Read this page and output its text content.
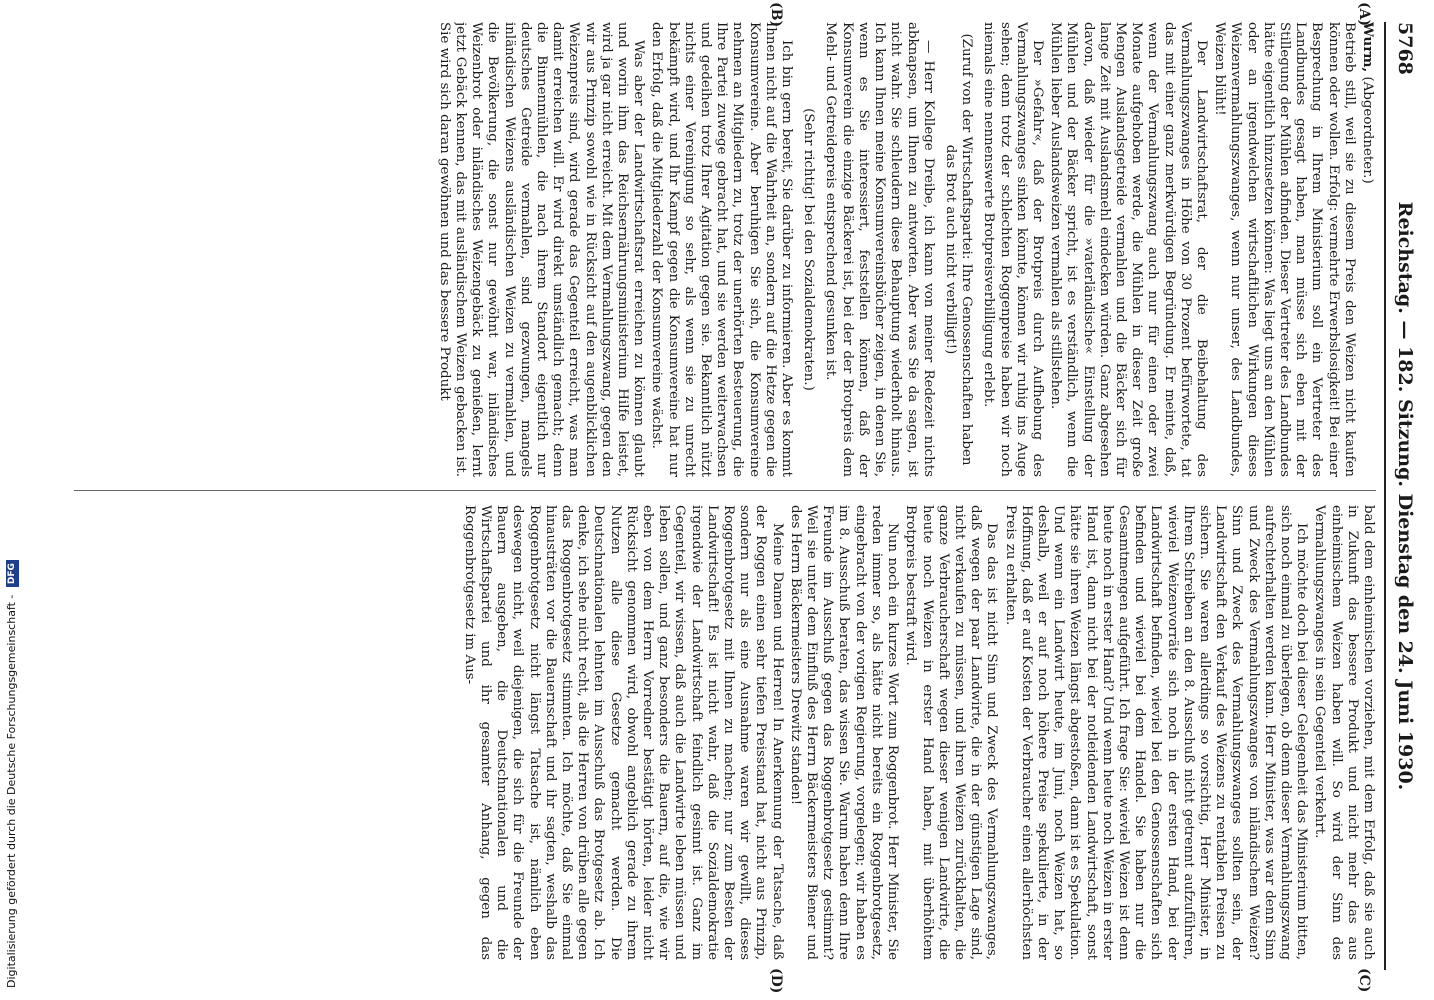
Digitalisierung gefördert durch die Deutsche Forschungsgemeinschaft - DFG
5768
Reichstag. — 182. Sitzung. Dienstag den 24. Juni 1930.
(A)
(B)
(C)
(D)

Wurm, (Abgeordneter.)

Betrieb still, weil sie zu diesem Preis den Weizen nicht kaufen können oder wollen. Erfolg: vermehrte Erwerbslosigkeit! Bei einer Besprechung in Ihrem Ministerium soll ein Vertreter des Landbundes gesagt haben, man müsse sich eben mit der Stillegung der Mühlen abfinden. Dieser Vertreter des Landbundes hätte eigentlich hinzusetzen können: Was liegt uns an den Mühlen oder an irgendwelchen wirtschaftlichen Wirkungen dieses Weizenvermahlungszwanges, wenn nur unser, des Landbundes, Weizen blüht!

Der Landwirtschaftsrat, der die Beibehaltung des Vermahlungszwanges in Höhe von 30 Prozent befürwortete, tat das mit einer ganz merkwürdigen Begründung. Er meinte, daß, wenn der Vermahlungszwang auch nur für einen oder zwei Monate aufgehoben werde, die Mühlen in dieser Zeit große Mengen Auslandsgetreide vermahlen und die Bäcker sich für lange Zeit mit Auslandsmehl eindecken würden. Ganz abgesehen davon, daß wieder für die »vaterländische« Einstellung der Mühlen und der Bäcker spricht, ist es verständlich, wenn die Mühlen lieber Auslandsweizen vermahlen als stillstehen.

Der »Gefahr«, daß der Brotpreis durch Aufhebung des Vermahlungszwanges sinken könnte, können wir ruhig ins Auge sehen; denn trotz der schlechten Roggenpreise haben wir noch niemals eine nennenswerte Brotpreisverbilligung erlebt.

(Zuruf von der Wirtschaftspartei: Ihre Genossenschaften haben das Brot auch nicht verbilligt!)

— Herr Kollege Dreibe, ich kann von meiner Redezeit nichts abknapsen, um Ihnen zu antworten. Aber was Sie da sagen, ist nicht wahr. Sie schleudern diese Behauptung wiederholt hinaus. Ich kann Ihnen meine Konsumvereinsbücher zeigen, in denen Sie, wenn es Sie interessiert, feststellen können, daß der Konsumverein die einzige Bäckerei ist, bei der der Brotpreis dem Mehl- und Getreidepreis entsprechend gesunken ist.

(Sehr richtig! bei den Sozialdemokraten.)

Ich bin gern bereit, Sie darüber zu informieren. Aber es kommt Ihnen nicht auf die Wahrheit an, sondern auf die Hetze gegen die Konsumvereine. Aber beruhigen Sie sich, die Konsumvereine nehmen an Mitgliedern zu, trotz der unerhörten Besteuerung, die Ihre Partei zuwege gebracht hat, und sie werden weiterwachsen und gedeihen trotz Ihrer Agitation gegen sie. Bekanntlich nützt nichts einer Vereinigung so sehr, als wenn sie zu unrecht bekämpft wird, und Ihr Kampf gegen die Konsumvereine hat nur den Erfolg, daß die Mitgliederzahl der Konsumvereine wächst.

Was aber der Landwirtschaftsrat erreichen zu können glaubt und worin ihm das Reichsernährungsministerium Hilfe leistet, wird ja gar nicht erreicht. Mit dem Vermahlungszwang, gegen den wir aus Prinzip sowohl wie in Rücksicht auf den augenblicklichen Weizenpreis sind, wird gerade das Gegenteil erreicht, was man damit erreichen will. Er wird direkt umständlich gemacht; denn die Binnenmühlen, die nach ihrem Standort eigentlich nur deutsches Getreide vermahlen, sind gezwungen, mangels inländischen Weizens ausländischen Weizen zu vermahlen, und die Bevölkerung, die sonst nur gewöhnt war, inländisches Weizenbrot oder inländisches Weizengebäck zu genießen, lernt jetzt Gebäck kennen, das mit ausländischem Weizen gebacken ist. Sie wird sich daran gewöhnen und das bessere Produkt

bald dem einheimischen vorziehen, mit dem Erfolg, daß sie auch in Zukunft das bessere Produkt und nicht mehr das aus einheimischem Weizen haben will. So wird der Sinn des Vermahlungszwanges in sein Gegenteil verkehrt.

Ich möchte doch bei dieser Gelegenheit das Ministerium bitten, sich noch einmal zu überlegen, ob denn dieser Vermahlungszwang aufrechterhalten werden kann. Herr Minister, was war denn Sinn und Zweck des Vermahlungszwanges von inländischem Weizen? Sinn und Zweck des Vermahlungszwanges sollten sein, der Landwirtschaft den Verkauf des Weizens zu rentablen Preisen zu sichern. Sie waren allerdings so vorsichtig, Herr Minister, in Ihrem Schreiben an den 8. Ausschuß nicht getrennt aufzuführen, wieviel Weizenvorräte sich noch in der ersten Hand, bei der Landwirtschaft befinden, wieviel bei den Genossenschaften sich befinden und wieviel bei dem Handel. Sie haben nur die Gesamtmengen aufgeführt. Ich frage Sie: wieviel Weizen ist denn heute noch in erster Hand? Und wenn heute noch Weizen in erster Hand ist, dann nicht bei der notleidenden Landwirtschaft, sonst hätte sie ihren Weizen längst abgestoßen, dann ist es Spekulation. Und wenn ein Landwirt heute, im Juni, noch Weizen hat, so deshalb, weil er auf noch höhere Preise spekulierte, in der Hoffnung, daß er auf Kosten der Verbraucher einen allerhöchsten Preis zu erhalten.

Das das ist nicht Sinn und Zweck des Vermahlungszwanges, daß wegen der paar Landwirte, die in der günstigen Lage sind, nicht verkaufen zu müssen, und ihren Weizen zurückhalten, die ganze Verbraucherschaft wegen dieser wenigen Landwirte, die heute noch Weizen in erster Hand haben, mit überhöhtem Brotpreis bestraft wird.

Nun noch ein kurzes Wort zum Roggenbrot. Herr Minister, Sie reden immer so, als hätte nicht bereits ein Roggenbrotgesetz, eingebracht von der vorigen Regierung, vorgelegen; wir haben es im 8. Ausschuß beraten, das wissen Sie. Warum haben denn Ihre Freunde im Ausschuß gegen das Roggenbrotgesetz gestimmt? Weil sie unter dem Einfluß des Herrn Bäckermeisters Biener und des Herrn Bäckermeisters Drewitz standen!

Meine Damen und Herren! In Anerkennung der Tatsache, daß der Roggen einen sehr tiefen Preisstand hat, nicht aus Prinzip, sondern nur als eine Ausnahme waren wir gewillt, dieses Roggenbrotgesetz mit Ihnen zu machen; nur zum Besten der Landwirtschaft! Es ist nicht wahr, daß die Sozialdemokratie irgendwie der Landwirtschaft feindlich gesinnt ist. Ganz im Gegenteil, wir wissen, daß auch die Landwirte leben müssen und leben sollen, und ganz besonders die Bauern, auf die, wie wir eben von dem Herrn Vorredner bestätigt hörten, leider nicht Rücksicht genommen wird, obwohl angeblich gerade zu ihrem Nutzen alle diese Gesetze gemacht werden. Die Deutschnationalen lehnten im Ausschuß das Brotgesetz ab. Ich denke, ich sehe nicht recht, als die Herren von drüben alle gegen das Roggenbrotgesetz stimmten. Ich möchte, daß Sie einmal hinausträten vor die Bauernschaft und ihr sagten, weshalb das Roggenbrotgesetz nicht längst Tatsache ist, nämlich eben deswegen nicht, weil diejenigen, die sich für die Freunde der Bauern ausgeben, die Deutschnationalen und die Wirtschaftspartei und ihr gesamter Anhang, gegen das Roggenbrotgesetz im Aus-
